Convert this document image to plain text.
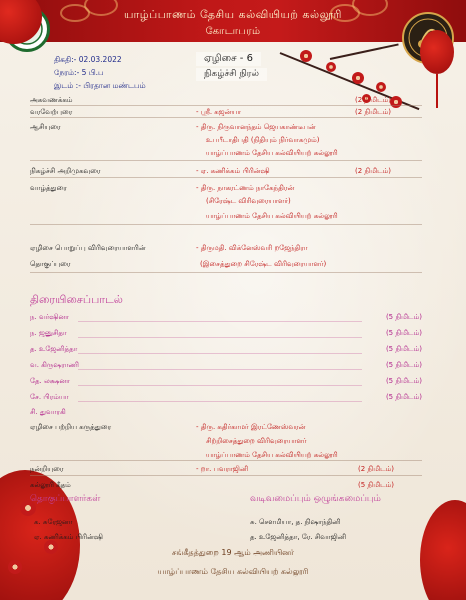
யாழ்ப்பாணம் தேசிய கல்வியியற் கல்லூரி
கோடாபரம்
திகதி:- 02.03.2022
நேரம்:- 5 பி.ப
இடம் :- பிரதான மண்டபம்
ஏழிசை - 6
நிகழ்ச்சி நிரல்
அகவணக்கம்	(2 நிமிடம்)
வரவேற்புரை	- ஸ்ரீ. கஜன்யா	(2 நிமிடம்)
ஆசியுரை	- திரு. நிருவானந்தம் ஜெயகாண்டீபன்
உபபீடாதிபதி (நிதியும் நிர்வாகமும்)
யாழ்ப்பாணம் தேசிய கல்வியியற் கல்லூரி
நிகழ்ச்சி அறிமுகவுரை	- ஏ. கணிக்கம் பிரின்ஷி	(2 நிமிடம்)
வாழ்த்துரை	- திரு. நாகரட்ணம் நாகேந்திரன்
(சிரேஷ்ட விரிவுரையாளர்)
யாழ்ப்பாணம் தேசிய கல்வியியற் கல்லூரி
ஏழிசை பொறுப்பு விரிவுரையாளரின்	- திருமதி. விக்னேஸ்வரி றஜேந்திரா
தொகுப்புரை	(இசைத்துறை சிரேஷ்ட விரிவுரையாளர்)
திரையிசைப்பாடல்
ந. வர்ஷினா	(5 நிமிடம்)
ந. ஜனுசிதா	(5 நிமிடம்)
த. உஜேனித்தா	(5 நிமிடம்)
வ. கிருஷராணி	(5 நிமிடம்)
தே. லக்ஷனா	(5 நிமிடம்)
சே. பிரம்யா	(5 நிமிடம்)
சி. துவாரகி
ஏழிசை பற்றிய கருத்துரை	- திரு. கதிர்காமர் இரட்ணேஸ்வரன்
சிற்றிசைத்துறை விரிவுரையாளர்
யாழ்ப்பாணம் தேசிய கல்வியியற் கல்லூரி
நன்றியுரை	- றா. பவராஜினி	(2 நிமிடம்)
கல்லூரி கீதம்	(5 நிமிடம்)
தொகுப்பாளர்கள்	வடிவமைப்பும் ஒழுங்கமைப்பும்
க. சுரேஜனா	சு. சௌமியா, த. நிஷாந்தினி
ஏ. கணிக்கம் பிரின்ஷி	த. உஜேனித்தா, ரே. சிவாஜினி
சங்கீதத்துறை 19 ஆம் அணியினர்
யாழ்ப்பாணம் தேசிய கல்வியியற் கல்லூரி
